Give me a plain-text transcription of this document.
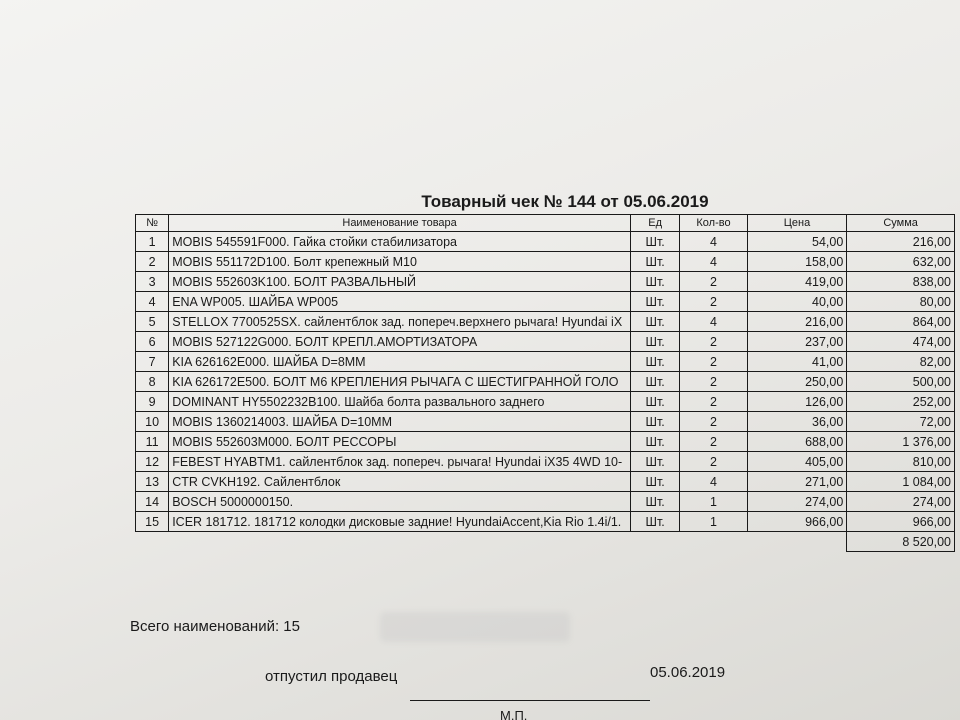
Товарный чек № 144 от 05.06.2019
№	Наименование товара	Ед	Кол-во	Цена	Сумма
1	MOBIS 545591F000. Гайка стойки стабилизатора	Шт.	4	54,00	216,00
2	MOBIS 551172D100. Болт крепежный М10	Шт.	4	158,00	632,00
3	MOBIS 552603K100. БОЛТ РАЗВАЛЬНЫЙ	Шт.	2	419,00	838,00
4	ENA WP005. ШАЙБА WP005	Шт.	2	40,00	80,00
5	STELLOX 7700525SX. сайлентблок зад. попереч.верхнего рычага! Hyundai iX	Шт.	4	216,00	864,00
6	MOBIS 527122G000. БОЛТ КРЕПЛ.АМОРТИЗАТОРА	Шт.	2	237,00	474,00
7	KIA 626162E000. ШАЙБА D=8MM	Шт.	2	41,00	82,00
8	KIA 626172E500. БОЛТ M6 КРЕПЛЕНИЯ РЫЧАГА С ШЕСТИГРАННОЙ ГОЛО	Шт.	2	250,00	500,00
9	DOMINANT HY5502232B100. Шайба болта развального заднего	Шт.	2	126,00	252,00
10	MOBIS 1360214003. ШАЙБА D=10MM	Шт.	2	36,00	72,00
11	MOBIS 552603M000. БОЛТ РЕССОРЫ	Шт.	2	688,00	1 376,00
12	FEBEST HYABTM1. сайлентблок зад. попереч. рычага! Hyundai iX35 4WD 10-	Шт.	2	405,00	810,00
13	CTR CVKH192. Сайлентблок	Шт.	4	271,00	1 084,00
14	BOSCH 5000000150.	Шт.	1	274,00	274,00
15	ICER 181712. 181712 колодки дисковые задние! HyundaiAccent,Kia Rio 1.4i/1.	Шт.	1	966,00	966,00
					8 520,00
Всего наименований: 15
отпустил продавец	05.06.2019
М.П.
